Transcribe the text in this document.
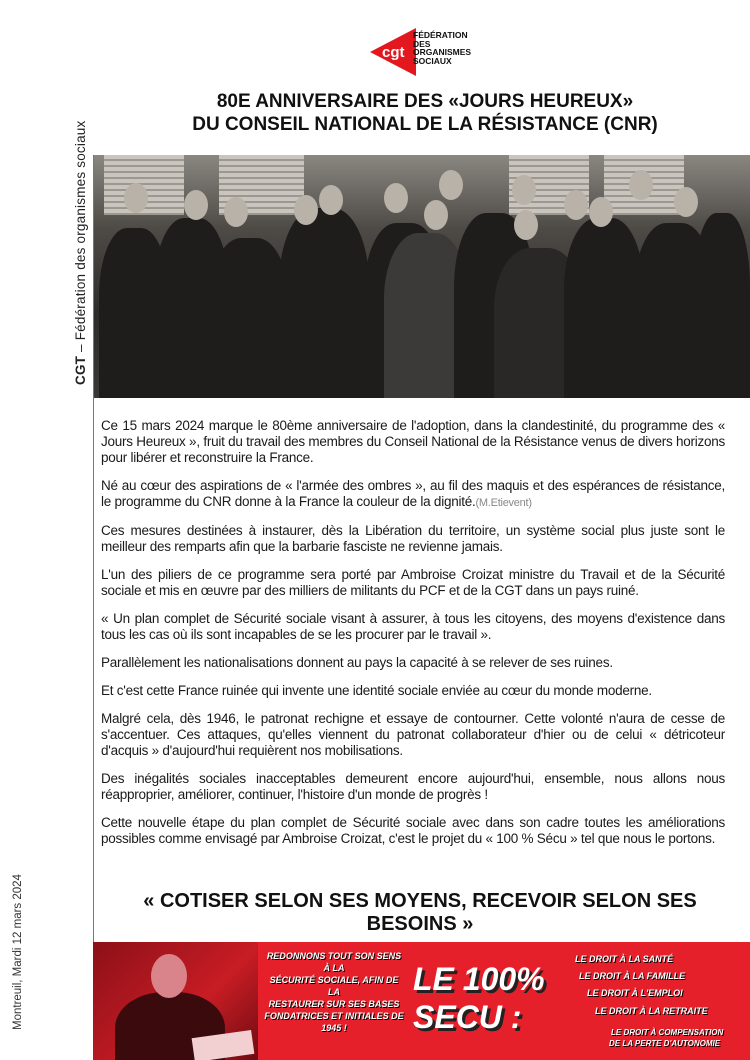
CGT – Fédération des organismes sociaux
Montreuil, Mardi 12 mars 2024
cgt
FÉDÉRATION
DES
ORGANISMES
SOCIAUX
80E ANNIVERSAIRE DES «JOURS HEUREUX»
DU CONSEIL NATIONAL DE LA RÉSISTANCE (CNR)

Ce 15 mars 2024 marque le 80ème anniversaire de l'adoption, dans la clandestinité, du programme des « Jours Heureux », fruit du travail des membres du Conseil National de la Résistance venus de divers horizons pour libérer et reconstruire la France.

Né au cœur des aspirations de « l'armée des ombres », au fil des maquis et des espérances de résistance, le programme du CNR donne à la France la couleur de la dignité.(M.Etievent)

Ces mesures destinées à instaurer, dès la Libération du territoire, un système social plus juste sont le meilleur des remparts afin que la barbarie fasciste ne revienne jamais.

L'un des piliers de ce programme sera porté par Ambroise Croizat ministre du Travail et de la Sécurité sociale et mis en œuvre par des milliers de militants du PCF et de la CGT dans un pays ruiné.

« Un plan complet de Sécurité sociale visant à assurer, à tous les citoyens, des moyens d'existence dans tous les cas où ils sont incapables de se les procurer par le travail ».

Parallèlement les nationalisations donnent au pays la capacité à se relever de ses ruines.

Et c'est cette France ruinée qui invente une identité sociale enviée au cœur du monde moderne.

Malgré cela, dès 1946, le patronat rechigne et essaye de contourner. Cette volonté n'aura de cesse de s'accentuer. Ces attaques, qu'elles viennent du patronat collaborateur d'hier ou de celui « détricoteur d'acquis » d'aujourd'hui requièrent nos mobilisations.

Des inégalités sociales inacceptables demeurent encore aujourd'hui, ensemble, nous allons nous réapproprier, améliorer, continuer, l'histoire d'un monde de progrès !

Cette nouvelle étape du plan complet de Sécurité sociale avec dans son cadre toutes les améliorations possibles comme envisagé par Ambroise Croizat, c'est le projet du « 100 % Sécu » tel que nous le portons.

« COTISER SELON SES MOYENS, RECEVOIR SELON SES BESOINS »
REDONNONS TOUT SON SENS À LA
SÉCURITÉ SOCIALE, AFIN DE LA
RESTAURER SUR SES BASES
FONDATRICES ET INITIALES DE 1945 !
LE 100%
SECU :
LE DROIT À LA SANTÉ
LE DROIT À LA FAMILLE
LE DROIT À L'EMPLOI
LE DROIT À LA RETRAITE
LE DROIT À COMPENSATION
DE LA PERTE D'AUTONOMIE
